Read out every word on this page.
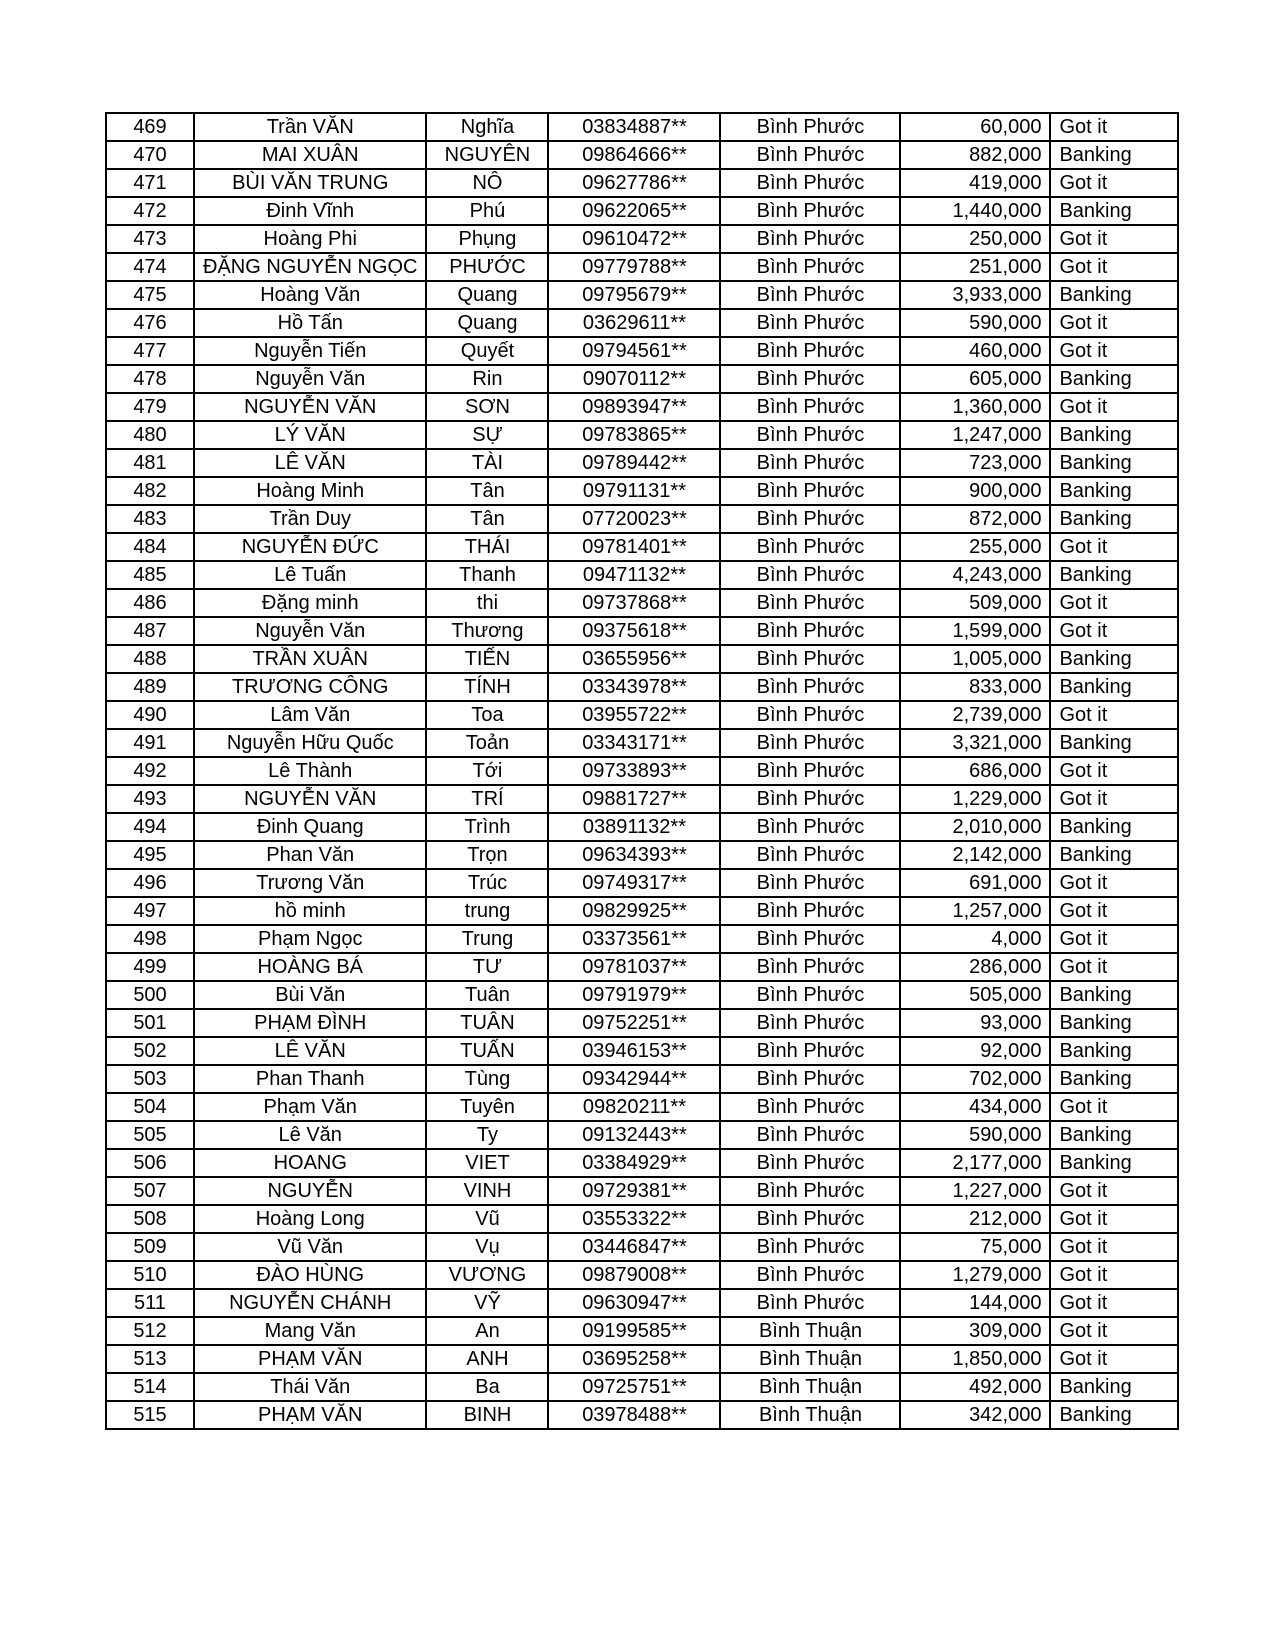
469	Trần VĂN	Nghĩa	03834887**	Bình Phước	60,000	Got it
470	MAI XUÂN	NGUYÊN	09864666**	Bình Phước	882,000	Banking
471	BÙI VĂN TRUNG	NÔ	09627786**	Bình Phước	419,000	Got it
472	Đinh Vĩnh	Phú	09622065**	Bình Phước	1,440,000	Banking
473	Hoàng Phi	Phụng	09610472**	Bình Phước	250,000	Got it
474	ĐẶNG NGUYỄN NGỌC	PHƯỚC	09779788**	Bình Phước	251,000	Got it
475	Hoàng Văn	Quang	09795679**	Bình Phước	3,933,000	Banking
476	Hồ Tấn	Quang	03629611**	Bình Phước	590,000	Got it
477	Nguyễn Tiến	Quyết	09794561**	Bình Phước	460,000	Got it
478	Nguyễn Văn	Rin	09070112**	Bình Phước	605,000	Banking
479	NGUYỄN VĂN	SƠN	09893947**	Bình Phước	1,360,000	Got it
480	LÝ VĂN	SỰ	09783865**	Bình Phước	1,247,000	Banking
481	LÊ VĂN	TÀI	09789442**	Bình Phước	723,000	Banking
482	Hoàng Minh	Tân	09791131**	Bình Phước	900,000	Banking
483	Trần Duy	Tân	07720023**	Bình Phước	872,000	Banking
484	NGUYỄN ĐỨC	THÁI	09781401**	Bình Phước	255,000	Got it
485	Lê Tuấn	Thanh	09471132**	Bình Phước	4,243,000	Banking
486	Đặng minh	thi	09737868**	Bình Phước	509,000	Got it
487	Nguyễn Văn	Thương	09375618**	Bình Phước	1,599,000	Got it
488	TRẦN XUÂN	TIẾN	03655956**	Bình Phước	1,005,000	Banking
489	TRƯƠNG CÔNG	TÍNH	03343978**	Bình Phước	833,000	Banking
490	Lâm Văn	Toa	03955722**	Bình Phước	2,739,000	Got it
491	Nguyễn Hữu Quốc	Toản	03343171**	Bình Phước	3,321,000	Banking
492	Lê Thành	Tới	09733893**	Bình Phước	686,000	Got it
493	NGUYỄN VĂN	TRÍ	09881727**	Bình Phước	1,229,000	Got it
494	Đinh Quang	Trình	03891132**	Bình Phước	2,010,000	Banking
495	Phan Văn	Trọn	09634393**	Bình Phước	2,142,000	Banking
496	Trương Văn	Trúc	09749317**	Bình Phước	691,000	Got it
497	hồ minh	trung	09829925**	Bình Phước	1,257,000	Got it
498	Phạm Ngọc	Trung	03373561**	Bình Phước	4,000	Got it
499	HOÀNG BÁ	TƯ	09781037**	Bình Phước	286,000	Got it
500	Bùi Văn	Tuân	09791979**	Bình Phước	505,000	Banking
501	PHẠM ĐÌNH	TUÂN	09752251**	Bình Phước	93,000	Banking
502	LÊ VĂN	TUẤN	03946153**	Bình Phước	92,000	Banking
503	Phan Thanh	Tùng	09342944**	Bình Phước	702,000	Banking
504	Phạm Văn	Tuyên	09820211**	Bình Phước	434,000	Got it
505	Lê Văn	Ty	09132443**	Bình Phước	590,000	Banking
506	HOANG	VIET	03384929**	Bình Phước	2,177,000	Banking
507	NGUYỄN	VINH	09729381**	Bình Phước	1,227,000	Got it
508	Hoàng Long	Vũ	03553322**	Bình Phước	212,000	Got it
509	Vũ Văn	Vụ	03446847**	Bình Phước	75,000	Got it
510	ĐÀO HÙNG	VƯƠNG	09879008**	Bình Phước	1,279,000	Got it
511	NGUYỄN CHÁNH	VỸ	09630947**	Bình Phước	144,000	Got it
512	Mang Văn	An	09199585**	Bình Thuận	309,000	Got it
513	PHẠM VĂN	ANH	03695258**	Bình Thuận	1,850,000	Got it
514	Thái Văn	Ba	09725751**	Bình Thuận	492,000	Banking
515	PHẠM VĂN	BINH	03978488**	Bình Thuận	342,000	Banking
